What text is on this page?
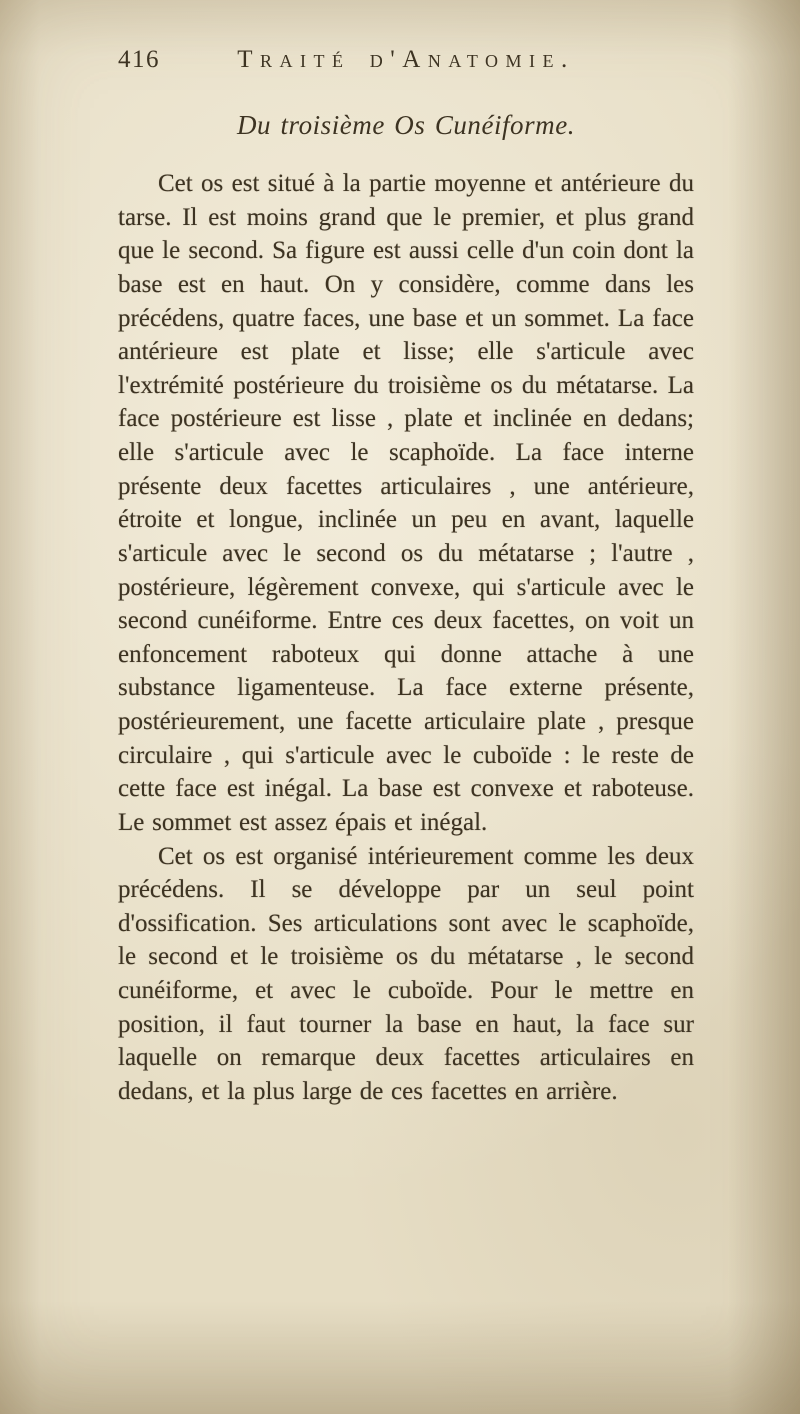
416	Traité d'Anatomie.
Du troisième Os Cunéiforme.

Cet os est situé à la partie moyenne et antérieure du tarse. Il est moins grand que le premier, et plus grand que le second. Sa figure est aussi celle d'un coin dont la base est en haut. On y considère, comme dans les précédens, quatre faces, une base et un sommet. La face antérieure est plate et lisse; elle s'articule avec l'extrémité postérieure du troisième os du métatarse. La face postérieure est lisse , plate et inclinée en dedans; elle s'articule avec le scaphoïde. La face interne présente deux facettes articulaires , une antérieure, étroite et longue, inclinée un peu en avant, laquelle s'articule avec le second os du métatarse ; l'autre , postérieure, légèrement convexe, qui s'articule avec le second cunéiforme. Entre ces deux facettes, on voit un enfoncement raboteux qui donne attache à une substance ligamenteuse. La face externe présente, postérieurement, une facette articulaire plate , presque circulaire , qui s'articule avec le cuboïde : le reste de cette face est inégal. La base est convexe et raboteuse. Le sommet est assez épais et inégal.

Cet os est organisé intérieurement comme les deux précédens. Il se développe par un seul point d'ossification. Ses articulations sont avec le scaphoïde, le second et le troisième os du métatarse , le second cunéiforme, et avec le cuboïde. Pour le mettre en position, il faut tourner la base en haut, la face sur laquelle on remarque deux facettes articulaires en dedans, et la plus large de ces facettes en arrière.
